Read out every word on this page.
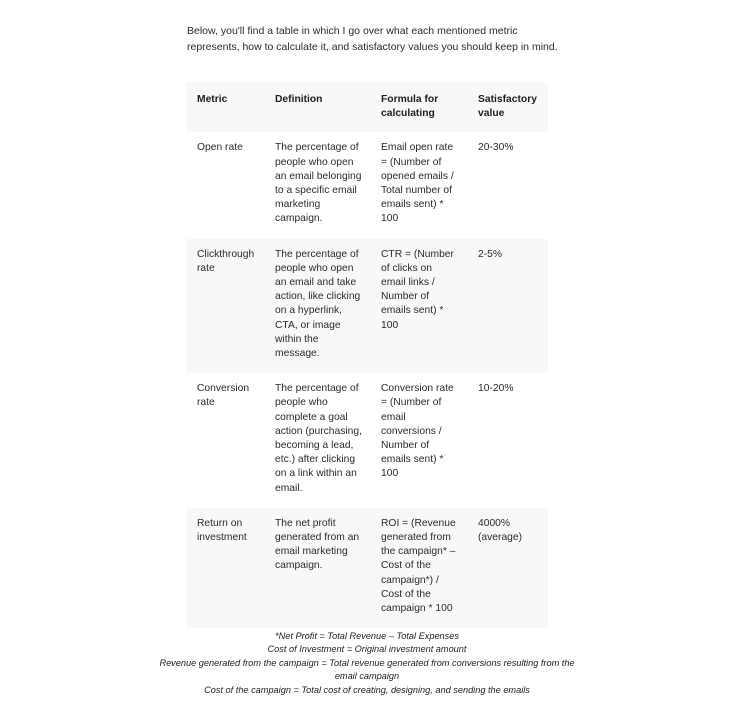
Below, you'll find a table in which I go over what each mentioned metric represents, how to calculate it, and satisfactory values you should keep in mind.

Metric	Definition	Formula for calculating	Satisfactory value
Open rate	The percentage of people who open an email belonging to a specific email marketing campaign.	Email open rate = (Number of opened emails / Total number of emails sent) * 100	20-30%
Clickthrough rate	The percentage of people who open an email and take action, like clicking on a hyperlink, CTA, or image within the message.	CTR = (Number of clicks on email links / Number of emails sent) * 100	2-5%
Conversion rate	The percentage of people who complete a goal action (purchasing, becoming a lead, etc.) after clicking on a link within an email.	Conversion rate = (Number of email conversions / Number of emails sent) * 100	10-20%
Return on investment	The net profit generated from an email marketing campaign.	ROI = (Revenue generated from the campaign* – Cost of the campaign*) / Cost of the campaign * 100	4000% (average)
*Net Profit = Total Revenue – Total Expenses
Cost of Investment = Original investment amount
Revenue generated from the campaign = Total revenue generated from conversions resulting from the email campaign
Cost of the campaign = Total cost of creating, designing, and sending the emails
